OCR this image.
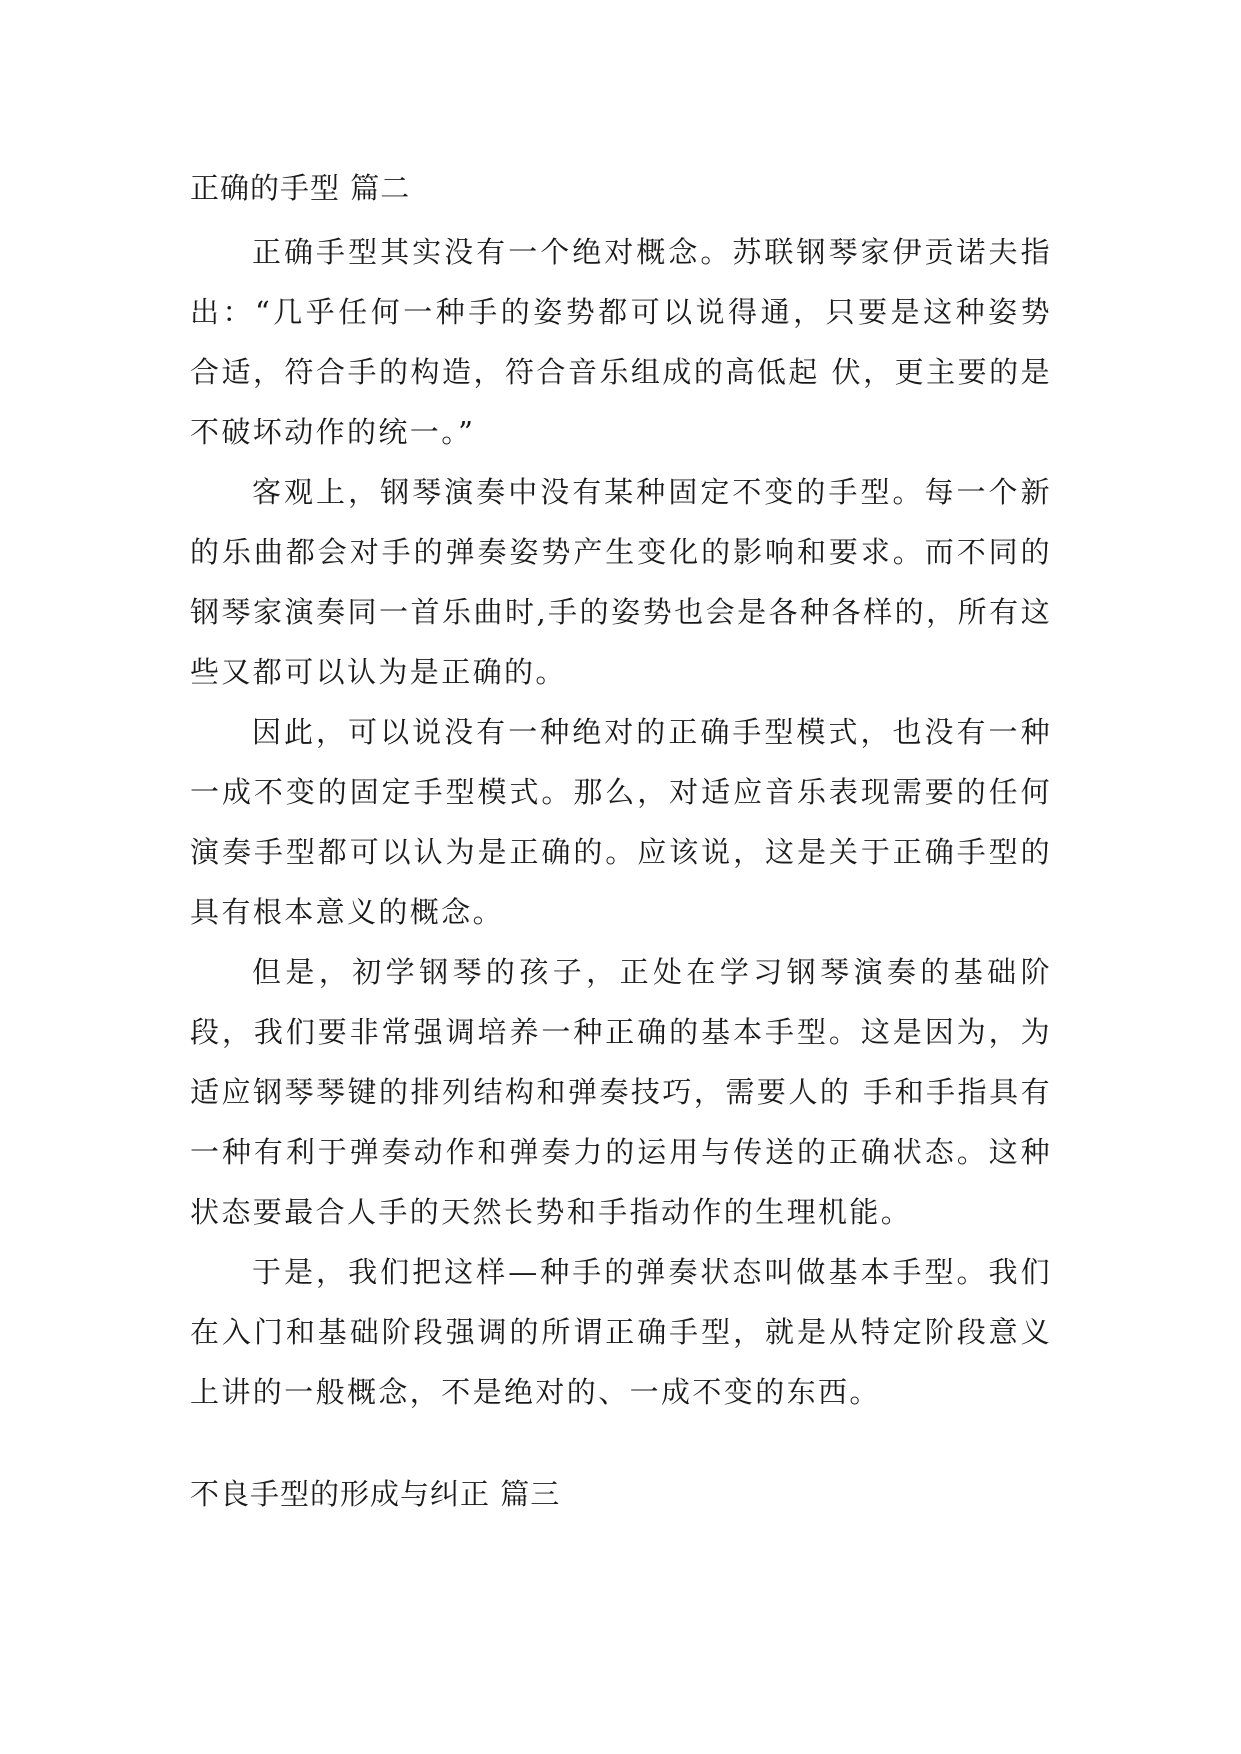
正确的手型 篇二

正确手型其实没有一个绝对概念。苏联钢琴家伊贡诺夫指出：“几乎任何一种手的姿势都可以说得通，只要是这种姿势合适，符合手的构造，符合音乐组成的高低起 伏，更主要的是不破坏动作的统一。”

客观上，钢琴演奏中没有某种固定不变的手型。每一个新的乐曲都会对手的弹奏姿势产生变化的影响和要求。而不同的钢琴家演奏同一首乐曲时,手的姿势也会是各种各样的，所有这些又都可以认为是正确的。

因此，可以说没有一种绝对的正确手型模式，也没有一种一成不变的固定手型模式。那么，对适应音乐表现需要的任何演奏手型都可以认为是正确的。应该说，这是关于正确手型的具有根本意义的概念。

但是，初学钢琴的孩子，正处在学习钢琴演奏的基础阶段，我们要非常强调培养一种正确的基本手型。这是因为，为适应钢琴琴键的排列结构和弹奏技巧，需要人的 手和手指具有一种有利于弹奏动作和弹奏力的运用与传送的正确状态。这种状态要最合人手的天然长势和手指动作的生理机能。

于是，我们把这样—种手的弹奏状态叫做基本手型。我们在入门和基础阶段强调的所谓正确手型，就是从特定阶段意义上讲的一般概念，不是绝对的、一成不变的东西。

不良手型的形成与纠正 篇三
